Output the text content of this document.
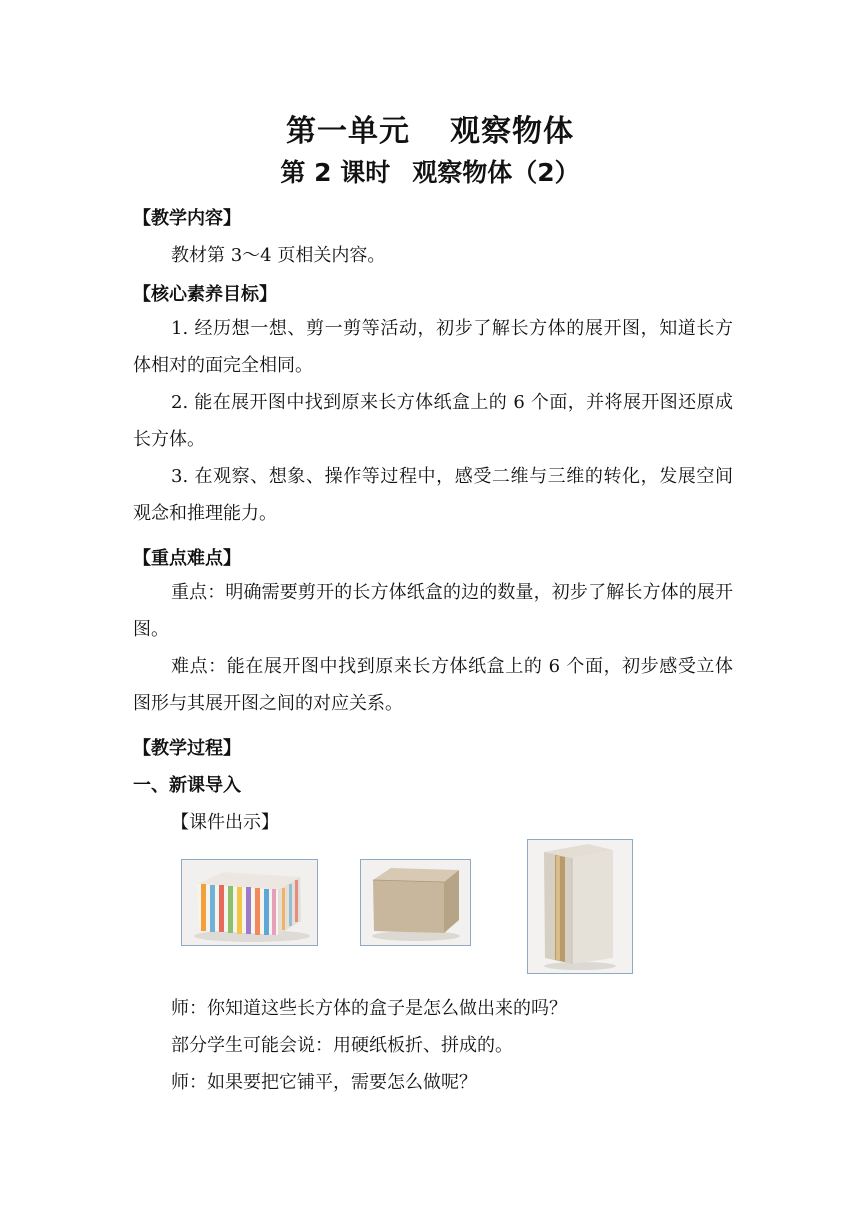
第一单元 观察物体
第 2 课时 观察物体（2）
【教学内容】
教材第 3～4 页相关内容。
【核心素养目标】
1. 经历想一想、剪一剪等活动，初步了解长方体的展开图，知道长方体相对的面完全相同。
2. 能在展开图中找到原来长方体纸盒上的 6 个面，并将展开图还原成长方体。
3. 在观察、想象、操作等过程中，感受二维与三维的转化，发展空间观念和推理能力。
【重点难点】
重点：明确需要剪开的长方体纸盒的边的数量，初步了解长方体的展开图。
难点：能在展开图中找到原来长方体纸盒上的 6 个面，初步感受立体图形与其展开图之间的对应关系。
【教学过程】
一、新课导入
【课件出示】
师：你知道这些长方体的盒子是怎么做出来的吗？
部分学生可能会说：用硬纸板折、拼成的。
师：如果要把它铺平，需要怎么做呢？
